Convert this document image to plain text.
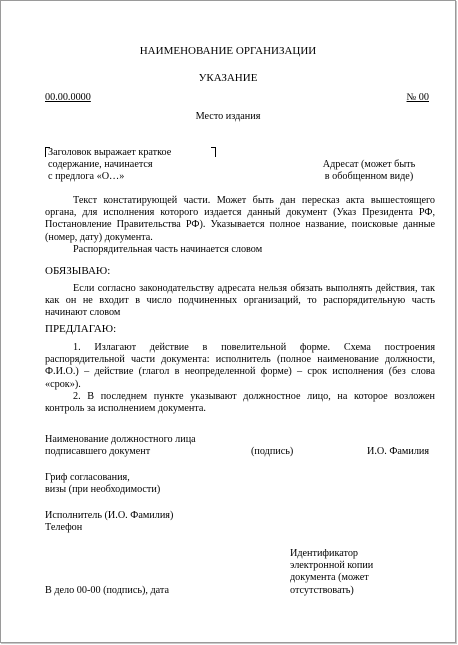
НАИМЕНОВАНИЕ ОРГАНИЗАЦИИ
УКАЗАНИЕ
00.00.0000	№ 00
Место издания
Заголовок выражает краткое
содержание, начинается
с предлога «О…»
Адресат (может быть
в обобщенном виде)

Текст констатирующей части. Может быть дан пересказ акта вышестоящего органа, для исполнения которого издается данный документ (Указ Президента РФ, Постановление Правительства РФ). Указывается полное название, поисковые данные (номер, дату) документа.

Распорядительная часть начинается словом

ОБЯЗЫВАЮ:

Если согласно законодательству адресата нельзя обязать выполнять действия, так как он не входит в число подчиненных организаций, то распорядительную часть начинают словом

ПРЕДЛАГАЮ:

1. Излагают действие в повелительной форме. Схема построения распорядительной части документа: исполнитель (полное наименование должности, Ф.И.О.) – действие (глагол в неопределенной форме) – срок исполнения (без слова «срок»).

2. В последнем пункте указывают должностное лицо, на которое возложен контроль за исполнением документа.

Наименование должностного лица
подписавшего документ	(подпись)	И.О. Фамилия
Гриф согласования,
визы (при необходимости)
Исполнитель (И.О. Фамилия)
Телефон
Идентификатор
электронной копии
документа (может
отсутствовать)
В дело 00-00 (подпись), дата
